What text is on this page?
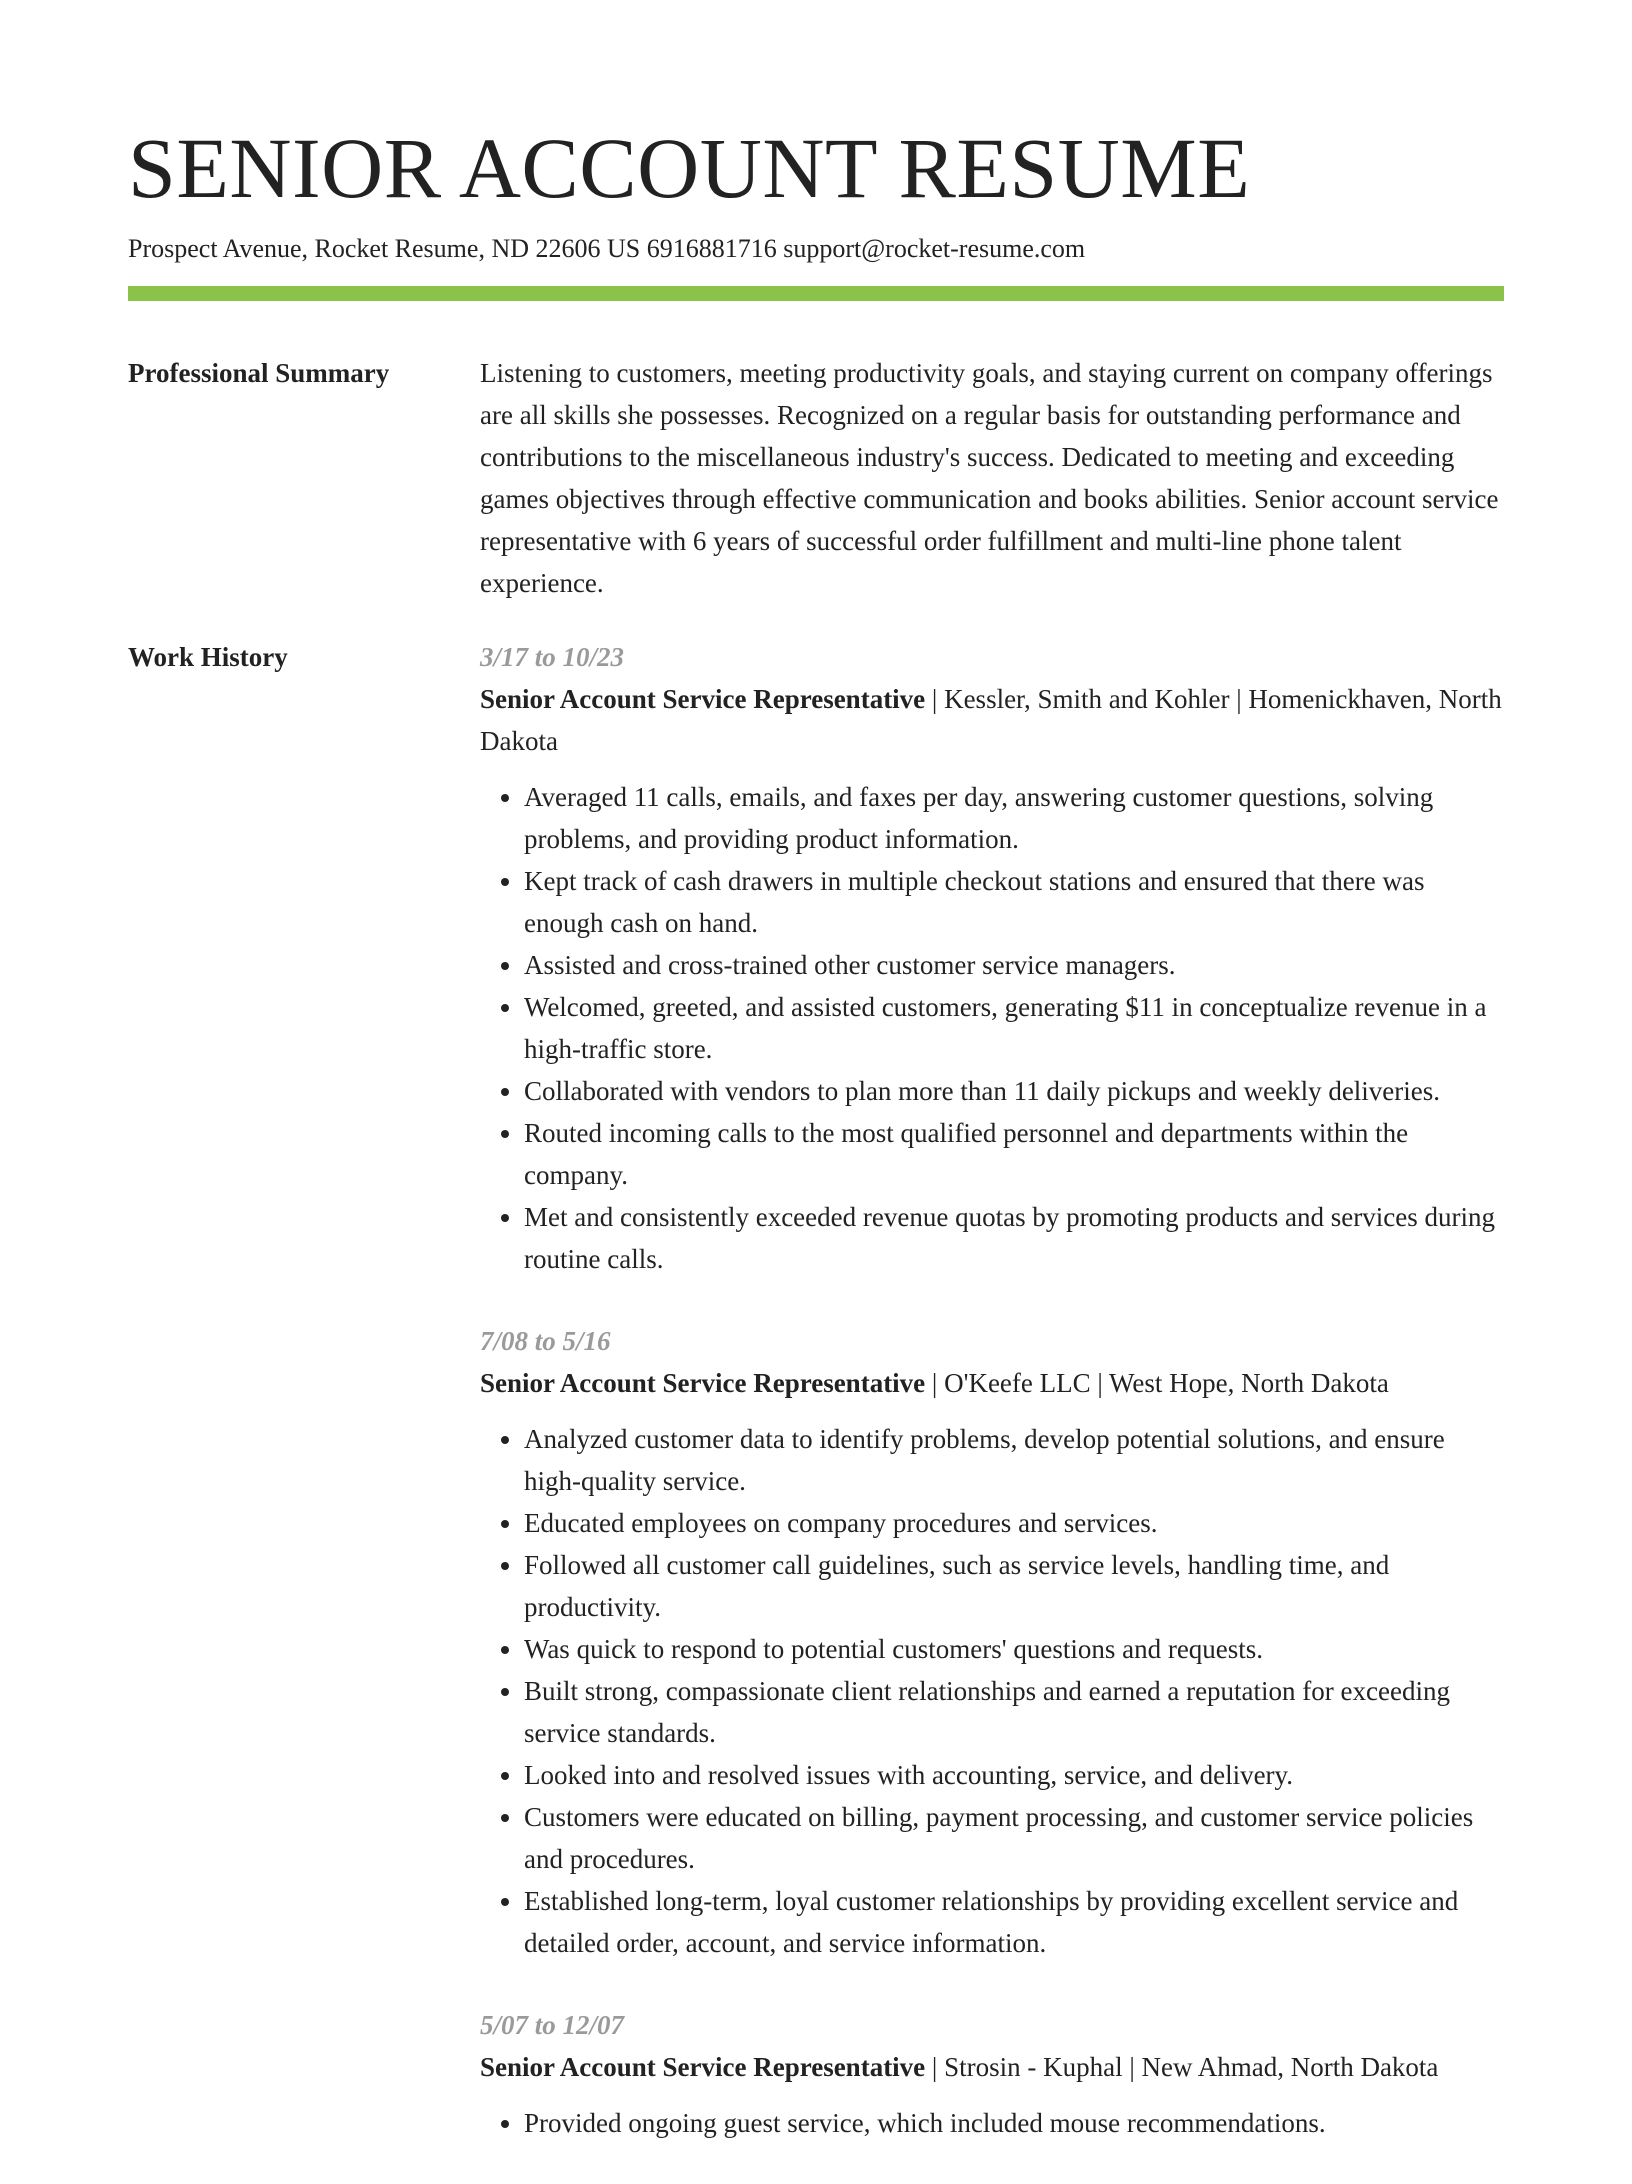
SENIOR ACCOUNT RESUME
Prospect Avenue, Rocket Resume, ND 22606 US 6916881716 support@rocket-resume.com
Professional Summary	Listening to customers, meeting productivity goals, and staying current on company offerings are all skills she possesses. Recognized on a regular basis for outstanding performance and contributions to the miscellaneous industry's success. Dedicated to meeting and exceeding games objectives through effective communication and books abilities. Senior account service representative with 6 years of successful order fulfillment and multi-line phone talent experience.

Work History	3/17 to 10/23

Senior Account Service Representative | Kessler, Smith and Kohler | Homenickhaven, North Dakota

• Averaged 11 calls, emails, and faxes per day, answering customer questions, solving problems, and providing product information.
• Kept track of cash drawers in multiple checkout stations and ensured that there was enough cash on hand.
• Assisted and cross-trained other customer service managers.
• Welcomed, greeted, and assisted customers, generating $11 in conceptualize revenue in a high-traffic store.
• Collaborated with vendors to plan more than 11 daily pickups and weekly deliveries.
• Routed incoming calls to the most qualified personnel and departments within the company.
• Met and consistently exceeded revenue quotas by promoting products and services during routine calls.
7/08 to 5/16

Senior Account Service Representative | O'Keefe LLC | West Hope, North Dakota

• Analyzed customer data to identify problems, develop potential solutions, and ensure high-quality service.
• Educated employees on company procedures and services.
• Followed all customer call guidelines, such as service levels, handling time, and productivity.
• Was quick to respond to potential customers' questions and requests.
• Built strong, compassionate client relationships and earned a reputation for exceeding service standards.
• Looked into and resolved issues with accounting, service, and delivery.
• Customers were educated on billing, payment processing, and customer service policies and procedures.
• Established long-term, loyal customer relationships by providing excellent service and detailed order, account, and service information.
5/07 to 12/07

Senior Account Service Representative | Strosin - Kuphal | New Ahmad, North Dakota

• Provided ongoing guest service, which included mouse recommendations.
